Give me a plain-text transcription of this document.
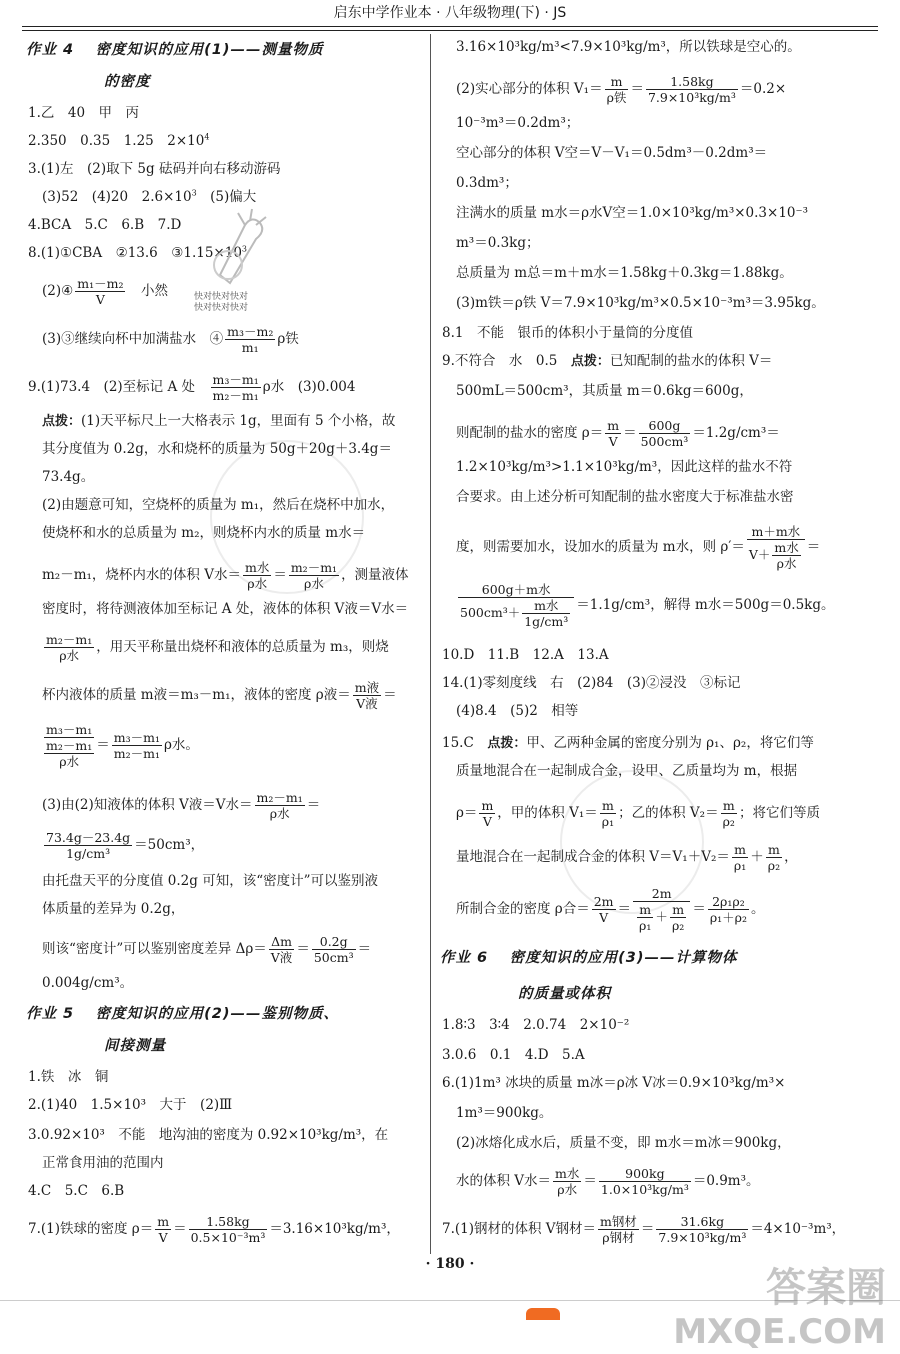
启东中学作业本 · 八年级物理(下) · JS
作业 4　 密度知识的应用(1)——测量物质
的密度
1.乙　40　甲　丙
2.350　0.35　1.25　$2\times 10^4$
3.(1)左　(2)取下 5g 砝码并向右移动游码
(3)52　(4)20　$2.6\times 10^3$　(5)偏大
4.BCA　5.C　6.B　7.D
8.(1)①CBA　②13.6　$③1.15\times 10^3$
(2)④ $\frac{\text{m₁－m₂}}{V}$ 　小然	快对快对快对
快对快对快对
(3)③继续向杯中加满盐水　④ $\frac{\text{m₃－m₂}}{\text{m₁}}$ ρ铁
9.(1)73.4　(2)至标记 A 处　 $\frac{\text{m₃－m₁}}{\text{m₂－m₁}}$ ρ水　(3)0.004
点拨：(1)天平标尺上一大格表示 1g，里面有 5 个小格，故
其分度值为 0.2g，水和烧杯的质量为 50g＋20g＋3.4g＝
73.4g。
(2)由题意可知，空烧杯的质量为 m₁，然后在烧杯中加水，
使烧杯和水的总质量为 m₂，则烧杯内水的质量 m水＝
m₂－m₁，烧杯内水的体积 V水＝ $\frac{\text{m水}}{\text{ρ水}} = \frac{\text{m₂－m₁}}{\text{ρ水}}$ ，测量液体
密度时，将待测液体加至标记 A 处，液体的体积 V液＝V水＝
$\frac{\text{m₂－m₁}}{\text{ρ水}}$ ，用天平称量出烧杯和液体的总质量为 m₃，则烧
杯内液体的质量 m液＝m₃－m₁，液体的密度 ρ液＝ $\frac{\text{m液}}{\text{V液}}$ ＝
m₃－m₁
m₂－m₁
ρ水
＝ $\frac{\text{m₃－m₁}}{\text{m₂－m₁}}$ ρ水。
(3)由(2)知液体的体积 V液＝V水＝ $\frac{\text{m₂－m₁}}{\text{ρ水}}$ ＝
$\frac{73.4g-23.4g}{\text{1g/cm³}} =50cm^3$，
由托盘天平的分度值 0.2g 可知，该“密度计”可以鉴别液
体质量的差异为 0.2g，
则该“密度计”可以鉴别密度差异 $\Delta\rho= \frac{\Delta m}{\text{V液}} = \frac{0.2g}{\text{50cm³}}$ ＝
0.004g/cm³。
作业 5　 密度知识的应用(2)——鉴别物质、
间接测量
1.铁　冰　铜
2.(1)40　1.5×10³　大于　(2)Ⅲ
3.0.92×10³　不能　地沟油的密度为 0.92×10³kg/m³，在
正常食用油的范围内
4.C　5.C　6.B
7.(1)铁球的密度 $\rho= \frac{m}{V} = \frac{1.58kg}{\text{0.5×10⁻³m³}} =3.16\times 10^3kg/m^3$，
3.16×10³kg/m³<7.9×10³kg/m³，所以铁球是空心的。
(2)实心部分的体积 $V_1= \frac{m}{\text{ρ铁}} = \frac{1.58kg}{\text{7.9×10³kg/m³}} =0.2\times$
10⁻³m³＝0.2dm³；
空心部分的体积 V空＝V－V₁＝0.5dm³－0.2dm³＝
0.3dm³；
注满水的质量 m水＝ρ水V空＝1.0×10³kg/m³×0.3×10⁻³
m³＝0.3kg；
总质量为 m总＝m＋m水＝1.58kg＋0.3kg＝1.88kg。
(3)m铁＝ρ铁 V＝7.9×10³kg/m³×0.5×10⁻³m³＝3.95kg。
8.1　不能　银币的体积小于量筒的分度值
9.不符合　水　0.5　点拨：已知配制的盐水的体积 V＝
500mL＝500cm³，其质量 m＝0.6kg＝600g，
则配制的盐水的密度 $\rho= \frac{m}{V} = \frac{600g}{\text{500cm³}} =1.2g/cm^3=$
1.2×10³kg/m³>1.1×10³kg/m³，因此这样的盐水不符
合要求。由上述分析可知配制的盐水密度大于标准盐水密
度，则需要加水，设加水的质量为 m水，则 $\rho'= \frac{\text{m＋m水}}{V+ \frac{\text{m水}}{\text{ρ水}}}$ ＝
$\frac{\text{600g＋m水}}{500cm^3+ \frac{\text{m水}}{\text{1g/cm³}}} =1.1g/cm^3$，解得 m水＝500g＝0.5kg。
10.D　11.B　12.A　13.A
14.(1)零刻度线　右　(2)84　(3)②浸没　③标记
(4)8.4　(5)2　相等
15.C　点拨：甲、乙两种金属的密度分别为 ρ₁、ρ₂，将它们等
质量地混合在一起制成合金，设甲、乙质量均为 m，根据
$\rho= \frac{m}{V}$ ，甲的体积 $V_1= \frac{m}{\text{ρ₁}}$ ；乙的体积 $V_2= \frac{m}{\text{ρ₂}}$ ；将它们等质
量地混合在一起制成合金的体积 $V=V_1+V_2= \frac{m}{\text{ρ₁}} + \frac{m}{\text{ρ₂}}$ ，
所制合金的密度 ρ合＝ $\frac{2m}{V} = \frac{2m}{\frac{m}{\text{ρ₁}} + \frac{m}{\text{ρ₂}}} = \frac{\text{2ρ₁ρ₂}}{\text{ρ₁＋ρ₂}}$ 。
作业 6　 密度知识的应用(3)——计算物体
的质量或体积
1.8∶3　3∶4　2.0.74　2×10⁻²
3.0.6　0.1　4.D　5.A
6.(1)1m³ 冰块的质量 m冰＝ρ冰 V冰＝0.9×10³kg/m³×
1m³＝900kg。
(2)冰熔化成水后，质量不变，即 m水＝m冰＝900kg，
水的体积 V水＝ $\frac{\text{m水}}{\text{ρ水}} = \frac{900kg}{\text{1.0×10³kg/m³}} =0.9m^3$。
7.(1)钢材的体积 V钢材＝ $\frac{\text{m钢材}}{\text{ρ钢材}} = \frac{31.6kg}{\text{7.9×10³kg/m³}} =4\times 10^{-3}m^3$，
· 180 ·
答案圈
MXQE.COM
